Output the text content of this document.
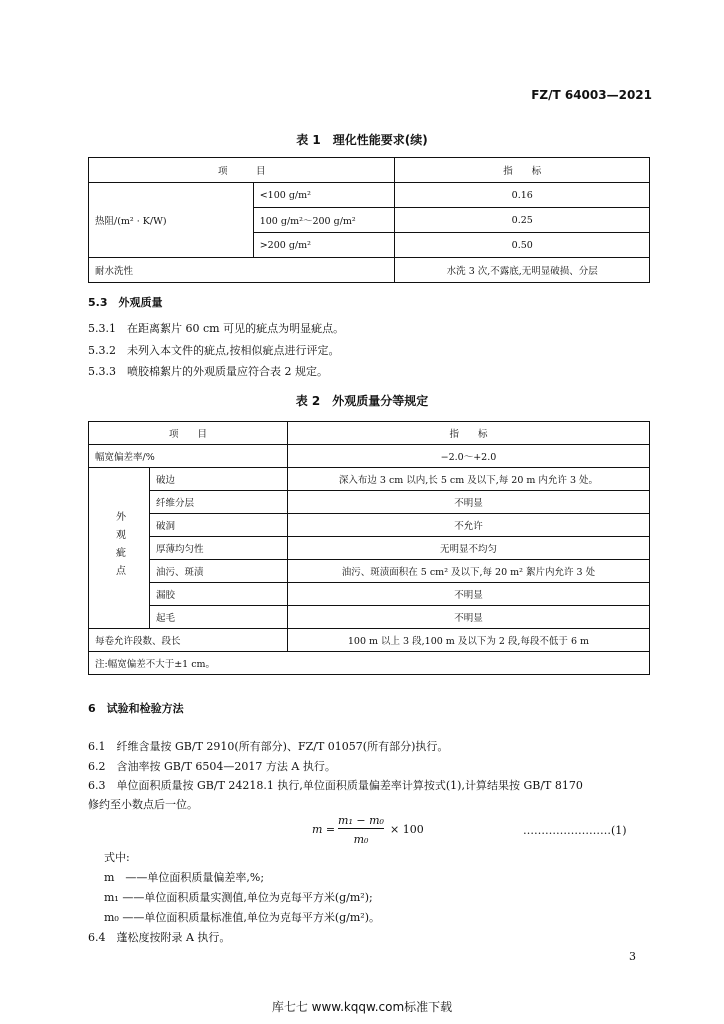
FZ/T 64003—2021
表 1　理化性能要求(续)
项　　　目		指　　标
热阻/(m² · K/W)	<100 g/m²	0.16
	100 g/m²～200 g/m²	0.25
	>200 g/m²	0.50
耐水洗性		水洗 3 次,不露底,无明显破损、分层
5.3　外观质量
5.3.1　在距离絮片 60 cm 可见的疵点为明显疵点。
5.3.2　未列入本文件的疵点,按相似疵点进行评定。
5.3.3　喷胶棉絮片的外观质量应符合表 2 规定。
表 2　外观质量分等规定
项　　目		指　　标
幅宽偏差率/%		−2.0～+2.0
外观疵点	破边	深入布边 3 cm 以内,长 5 cm 及以下,每 20 m 内允许 3 处。
	纤维分层	不明显
	破洞	不允许
	厚薄均匀性	无明显不均匀
	油污、斑渍	油污、斑渍面积在 5 cm² 及以下,每 20 m² 絮片内允许 3 处
	漏胶	不明显
	起毛	不明显
每卷允许段数、段长		100 m 以上 3 段,100 m 及以下为 2 段,每段不低于 6 m
注:幅宽偏差不大于±1 cm。		
6　试验和检验方法
6.1　纤维含量按 GB/T 2910(所有部分)、FZ/T 01057(所有部分)执行。
6.2　含油率按 GB/T 6504—2017 方法 A 执行。
6.3　单位面积质量按 GB/T 24218.1 执行,单位面积质量偏差率计算按式(1),计算结果按 GB/T 8170
修约至小数点后一位。
m =
m₁ − m₀
m₀
× 100	……………………(1)
式中:
m　——单位面积质量偏差率,%;
m₁ ——单位面积质量实测值,单位为克每平方米(g/m²);
m₀ ——单位面积质量标准值,单位为克每平方米(g/m²)。
6.4　蓬松度按附录 A 执行。
3
库七七 www.kqqw.com标准下载
